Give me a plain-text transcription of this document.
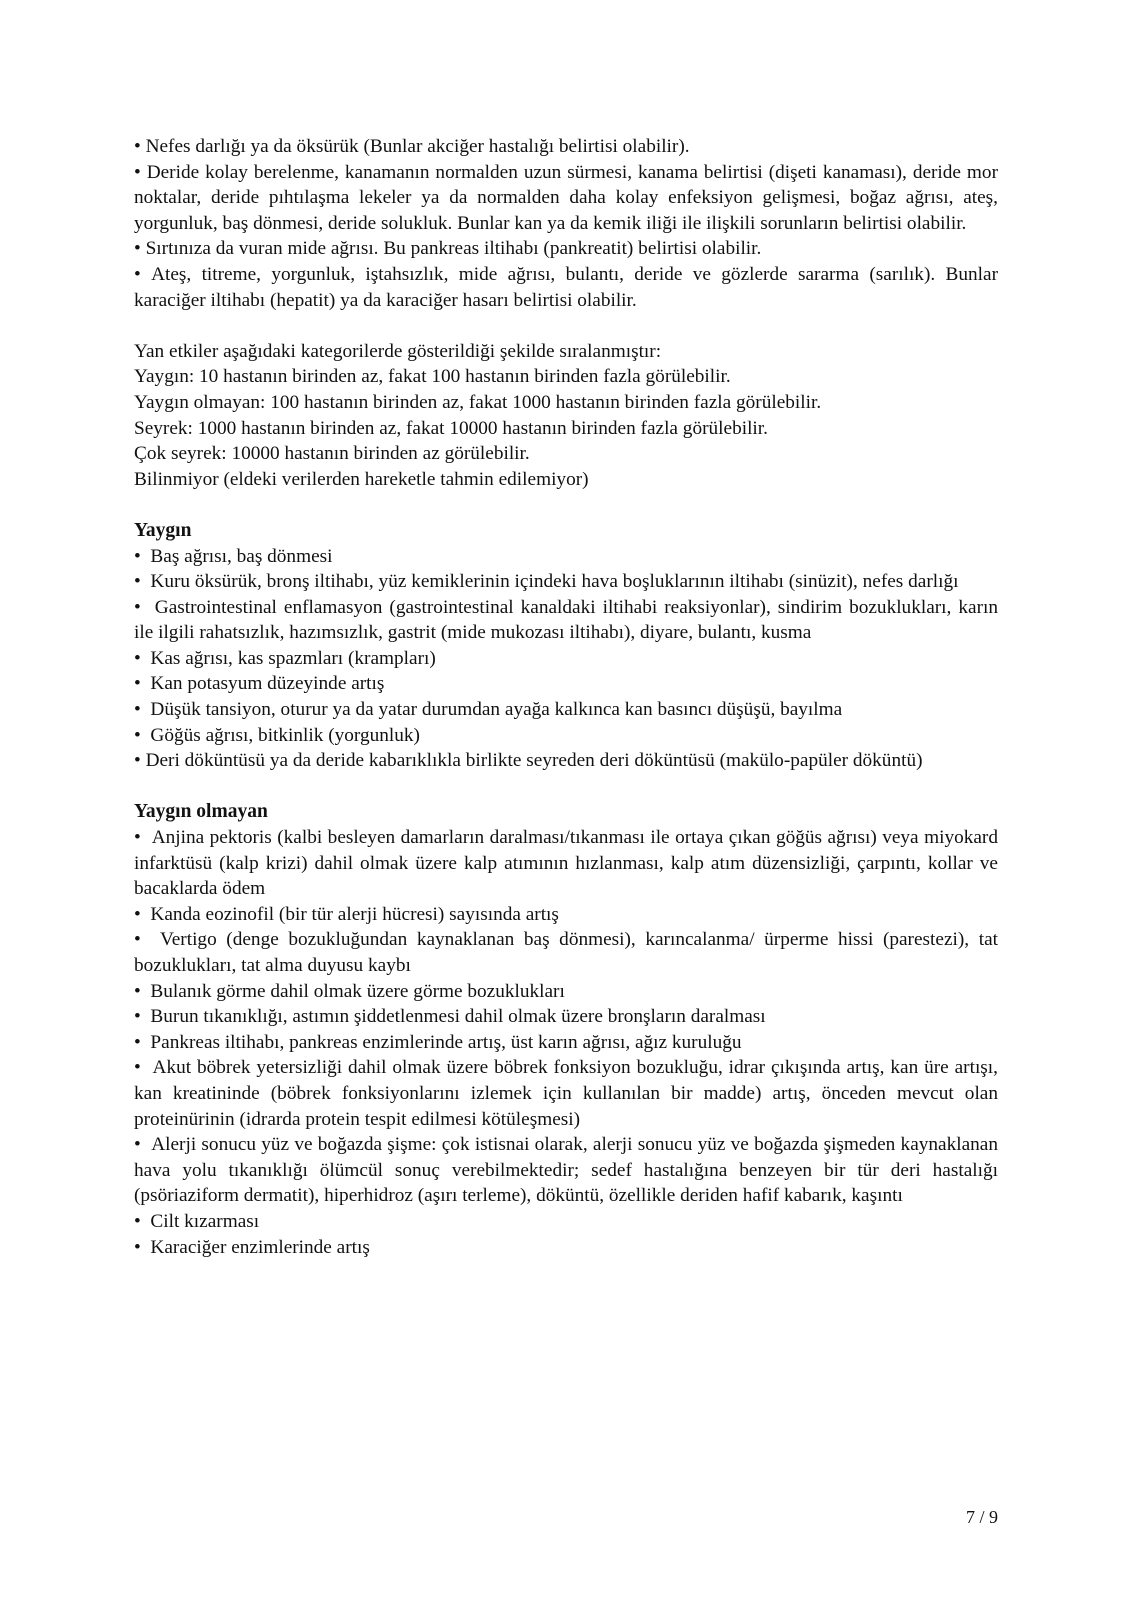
• Nefes darlığı ya da öksürük (Bunlar akciğer hastalığı belirtisi olabilir).

• Deride kolay berelenme, kanamanın normalden uzun sürmesi, kanama belirtisi (dişeti kanaması), deride mor noktalar, deride pıhtılaşma lekeler ya da normalden daha kolay enfeksiyon gelişmesi, boğaz ağrısı, ateş, yorgunluk, baş dönmesi, deride solukluk. Bunlar kan ya da kemik iliği ile ilişkili sorunların belirtisi olabilir.

• Sırtınıza da vuran mide ağrısı. Bu pankreas iltihabı (pankreatit) belirtisi olabilir.

• Ateş, titreme, yorgunluk, iştahsızlık, mide ağrısı, bulantı, deride ve gözlerde sararma (sarılık). Bunlar karaciğer iltihabı (hepatit) ya da karaciğer hasarı belirtisi olabilir.

Yan etkiler aşağıdaki kategorilerde gösterildiği şekilde sıralanmıştır:

Yaygın: 10 hastanın birinden az, fakat 100 hastanın birinden fazla görülebilir.

Yaygın olmayan: 100 hastanın birinden az, fakat 1000 hastanın birinden fazla görülebilir.

Seyrek: 1000 hastanın birinden az, fakat 10000 hastanın birinden fazla görülebilir.

Çok seyrek: 10000 hastanın birinden az görülebilir.

Bilinmiyor (eldeki verilerden hareketle tahmin edilemiyor)

Yaygın

•  Baş ağrısı, baş dönmesi

•  Kuru öksürük, bronş iltihabı, yüz kemiklerinin içindeki hava boşluklarının iltihabı (sinüzit), nefes darlığı

•  Gastrointestinal enflamasyon (gastrointestinal kanaldaki iltihabi reaksiyonlar), sindirim bozuklukları, karın ile ilgili rahatsızlık, hazımsızlık, gastrit (mide mukozası iltihabı), diyare, bulantı, kusma

•  Kas ağrısı, kas spazmları (krampları)

•  Kan potasyum düzeyinde artış

•  Düşük tansiyon, oturur ya da yatar durumdan ayağa kalkınca kan basıncı düşüşü, bayılma

•  Göğüs ağrısı, bitkinlik (yorgunluk)

• Deri döküntüsü ya da deride kabarıklıkla birlikte seyreden deri döküntüsü (makülo-papüler döküntü)

Yaygın olmayan

•  Anjina pektoris (kalbi besleyen damarların daralması/tıkanması ile ortaya çıkan göğüs ağrısı) veya miyokard infarktüsü (kalp krizi) dahil olmak üzere kalp atımının hızlanması, kalp atım düzensizliği, çarpıntı, kollar ve bacaklarda ödem

•  Kanda eozinofil (bir tür alerji hücresi) sayısında artış

•  Vertigo (denge bozukluğundan kaynaklanan baş dönmesi), karıncalanma/ ürperme hissi (parestezi), tat bozuklukları, tat alma duyusu kaybı

•  Bulanık görme dahil olmak üzere görme bozuklukları

•  Burun tıkanıklığı, astımın şiddetlenmesi dahil olmak üzere bronşların daralması

•  Pankreas iltihabı, pankreas enzimlerinde artış, üst karın ağrısı, ağız kuruluğu

•  Akut böbrek yetersizliği dahil olmak üzere böbrek fonksiyon bozukluğu, idrar çıkışında artış, kan üre artışı, kan kreatininde (böbrek fonksiyonlarını izlemek için kullanılan bir madde) artış, önceden mevcut olan proteinürinin (idrarda protein tespit edilmesi kötüleşmesi)

•  Alerji sonucu yüz ve boğazda şişme: çok istisnai olarak, alerji sonucu yüz ve boğazda şişmeden kaynaklanan hava yolu tıkanıklığı ölümcül sonuç verebilmektedir; sedef hastalığına benzeyen bir tür deri hastalığı (psöriaziform dermatit), hiperhidroz (aşırı terleme), döküntü, özellikle deriden hafif kabarık, kaşıntı

•  Cilt kızarması

•  Karaciğer enzimlerinde artış

7 / 9
